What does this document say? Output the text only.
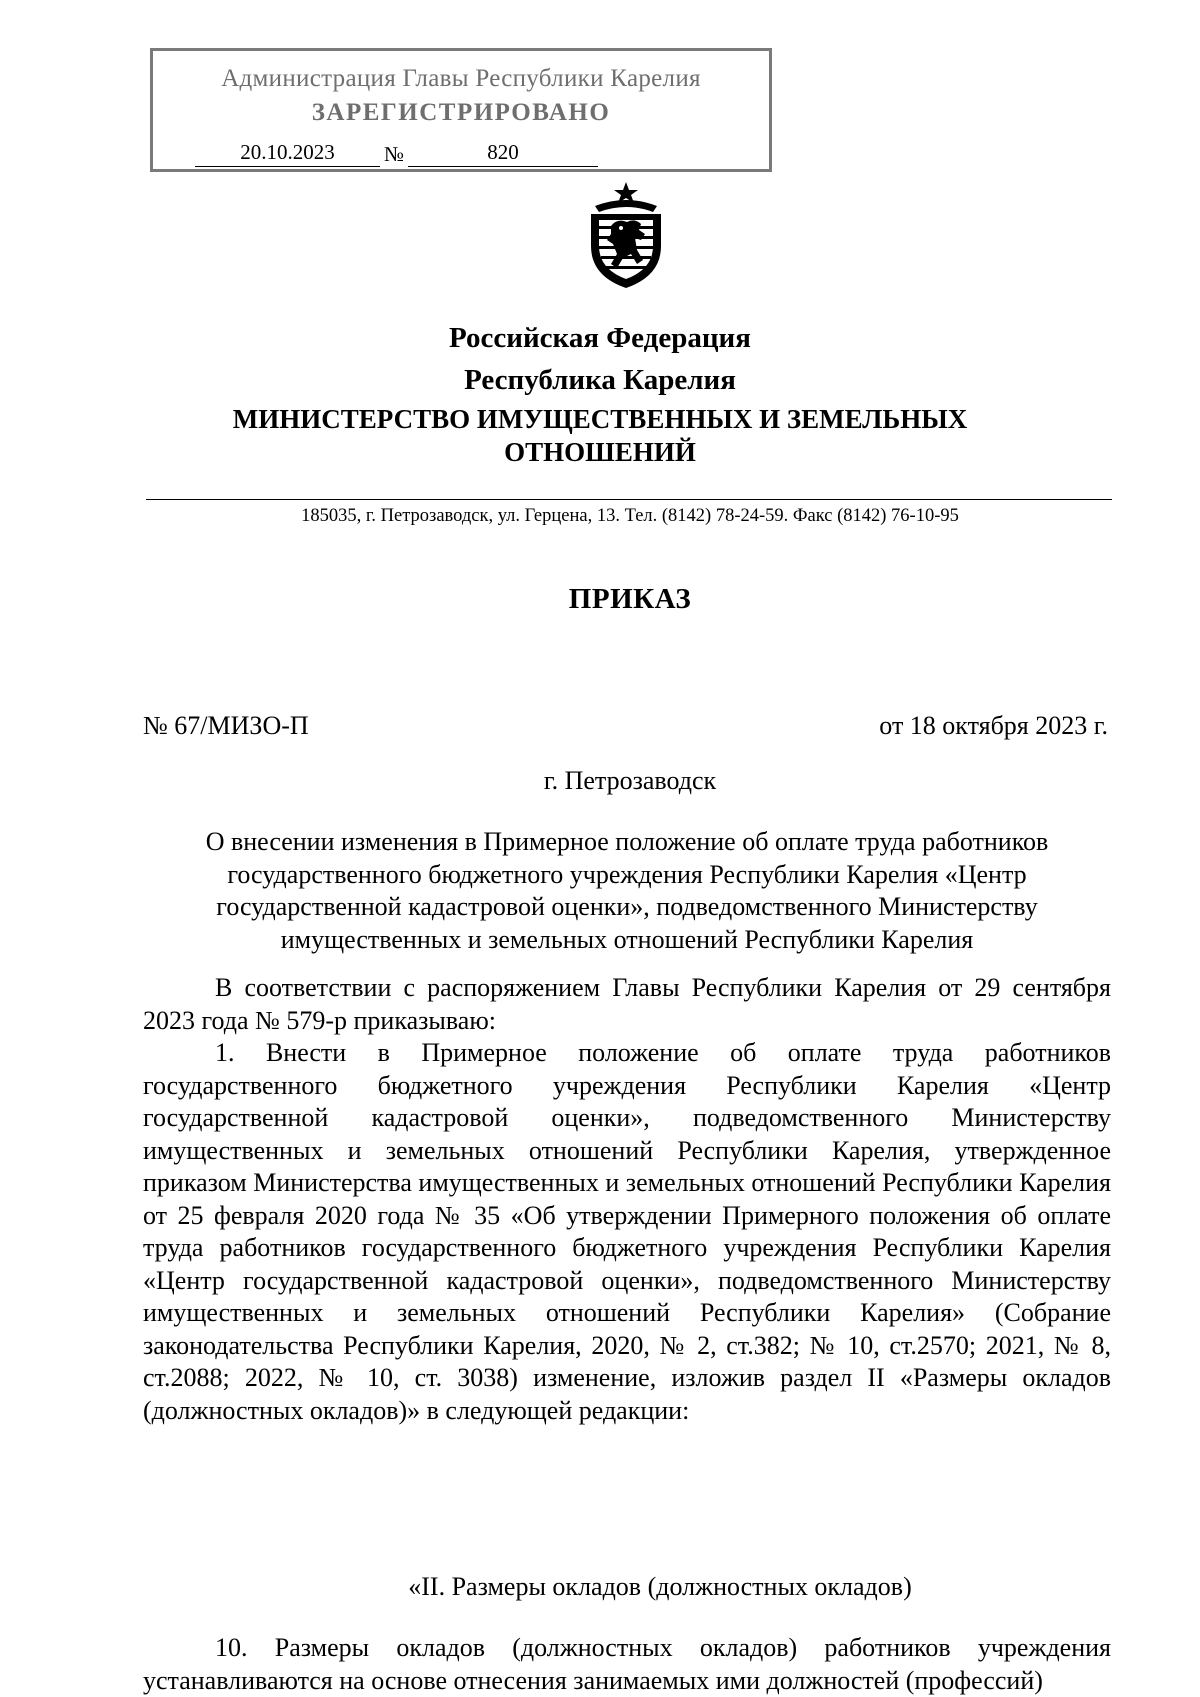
Администрация Главы Республики Карелия
ЗАРЕГИСТРИРОВАНО
20.10.2023	№	820
Российская Федерация
Республика Карелия
МИНИСТЕРСТВО ИМУЩЕСТВЕННЫХ И ЗЕМЕЛЬНЫХ
ОТНОШЕНИЙ
185035, г. Петрозаводск, ул. Герцена, 13. Тел. (8142) 78-24-59. Факс (8142) 76-10-95
ПРИКАЗ
№ 67/МИЗО-П	от 18 октября 2023 г.
г. Петрозаводск
О внесении изменения в Примерное положение об оплате труда работников
государственного бюджетного учреждения Республики Карелия «Центр
государственной кадастровой оценки», подведомственного Министерству
имущественных и земельных отношений Республики Карелия

В соответствии с распоряжением Главы Республики Карелия от 29 сентября 2023 года № 579-р приказываю:

1. Внести в Примерное положение об оплате труда работников государственного бюджетного учреждения Республики Карелия «Центр государственной кадастровой оценки», подведомственного Министерству имущественных и земельных отношений Республики Карелия, утвержденное приказом Министерства имущественных и земельных отношений Республики Карелия от 25 февраля 2020 года № 35 «Об утверждении Примерного положения об оплате труда работников государственного бюджетного учреждения Республики Карелия «Центр государственной кадастровой оценки», подведомственного Министерству имущественных и земельных отношений Республики Карелия» (Собрание законодательства Республики Карелия, 2020, № 2, ст.382; № 10, ст.2570; 2021, № 8, ст.2088; 2022, № 10, ст. 3038) изменение, изложив раздел II «Размеры окладов (должностных окладов)» в следующей редакции:

«II. Размеры окладов (должностных окладов)

10. Размеры окладов (должностных окладов) работников учреждения устанавливаются на основе отнесения занимаемых ими должностей (профессий)
